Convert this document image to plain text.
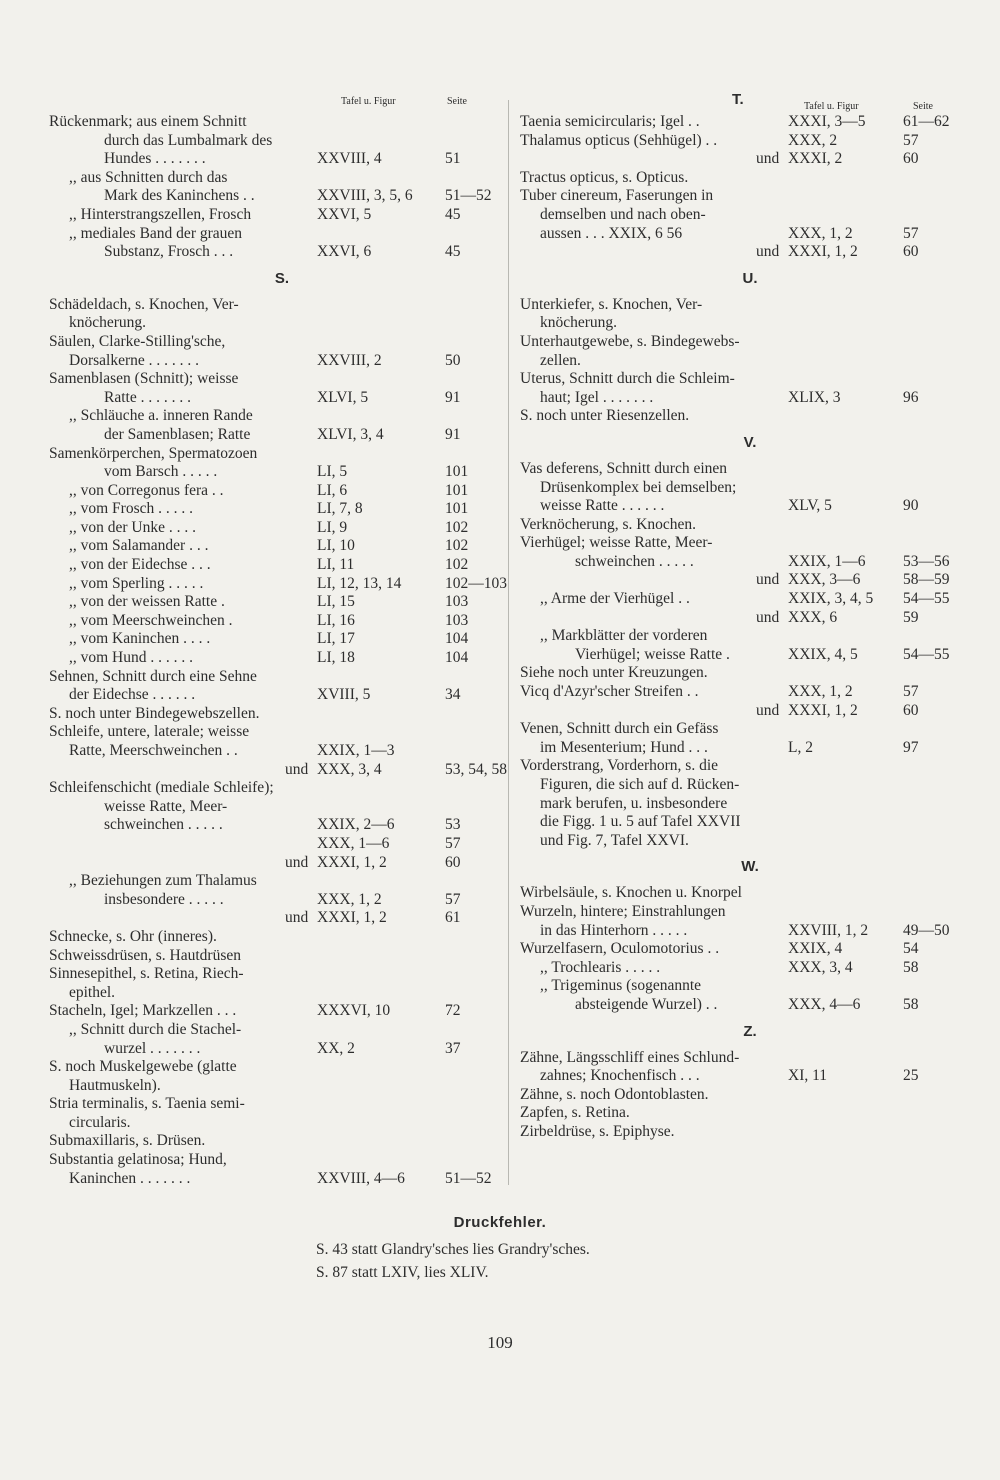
Tafel u. Figur	Seite
Rückenmark; aus einem Schnitt
durch das Lumbalmark des
Hundes . . . . . . .	XXVIII, 4	51
,, aus Schnitten durch das
Mark des Kaninchens . .	XXVIII, 3, 5, 6 51—52
,, Hinterstrangszellen, Frosch	XXVI, 5	45
,, mediales Band der grauen
Substanz, Frosch . . .	XXVI, 6	45
S.
Schädeldach, s. Knochen, Ver-
knöcherung.
Säulen, Clarke-Stilling'sche,
Dorsalkerne . . . . . . .	XXVIII, 2	50
Samenblasen (Schnitt); weisse
Ratte . . . . . . .	XLVI, 5	91
,, Schläuche a. inneren Rande
der Samenblasen; Ratte	XLVI, 3, 4	91
Samenkörperchen, Spermatozoen
vom Barsch . . . . .	LI, 5	101
,, von Corregonus fera . .	LI, 6	101
,, vom Frosch . . . . .	LI, 7, 8	101
,, von der Unke . . . .	LI, 9	102
,, vom Salamander . . .	LI, 10	102
,, von der Eidechse . . .	LI, 11	102
,, vom Sperling . . . . .	LI, 12, 13, 14	102—103
,, von der weissen Ratte .	LI, 15	103
,, vom Meerschweinchen .	LI, 16	103
,, vom Kaninchen . . . .	LI, 17	104
,, vom Hund . . . . . .	LI, 18	104
Sehnen, Schnitt durch eine Sehne
der Eidechse . . . . . .	XVIII, 5	34
S. noch unter Bindegewebszellen.
Schleife, untere, laterale; weisse
Ratte, Meerschweinchen . .	XXIX, 1—3
und XXX, 3, 4	53, 54, 58
Schleifenschicht (mediale Schleife);
weisse Ratte, Meer-
schweinchen . . . . .	XXIX, 2—6	53
XXX, 1—6	57
und XXXI, 1, 2	60
,, Beziehungen zum Thalamus
insbesondere . . . . .	XXX, 1, 2	57
und XXXI, 1, 2	61
Schnecke, s. Ohr (inneres).
Schweissdrüsen, s. Hautdrüsen
Sinnesepithel, s. Retina, Riech-
epithel.
Stacheln, Igel; Markzellen . . .	XXXVI, 10	72
,, Schnitt durch die Stachel-
wurzel . . . . . . .	XX, 2	37
S. noch Muskelgewebe (glatte
Hautmuskeln).
Stria terminalis, s. Taenia semi-
circularis.
Submaxillaris, s. Drüsen.
Substantia gelatinosa; Hund,
Kaninchen . . . . . . .	XXVIII, 4—6	51—52
T.	Tafel u. Figur	Seite
Taenia semicircularis; Igel . .	XXXI, 3—5 61—62
Thalamus opticus (Sehhügel) . .	XXX, 2	57
und XXXI, 2	60
Tractus opticus, s. Opticus.
Tuber cinereum, Faserungen in
demselben und nach oben-
aussen . . . XXIX, 6 56	XXX, 1, 2	57
und XXXI, 1, 2	60
U.
Unterkiefer, s. Knochen, Ver-
knöcherung.
Unterhautgewebe, s. Bindegewebs-
zellen.
Uterus, Schnitt durch die Schleim-
haut; Igel . . . . . . .	XLIX, 3	96
S. noch unter Riesenzellen.
V.
Vas deferens, Schnitt durch einen
Drüsenkomplex bei demselben;
weisse Ratte . . . . . .	XLV, 5	90
Verknöcherung, s. Knochen.
Vierhügel; weisse Ratte, Meer-
schweinchen . . . . .	XXIX, 1—6 53—56
und XXX, 3—6	58—59
,, Arme der Vierhügel . .	XXIX, 3, 4, 5 54—55
und XXX, 6	59
,, Markblätter der vorderen
Vierhügel; weisse Ratte .	XXIX, 4, 5	54—55
Siehe noch unter Kreuzungen.
Vicq d'Azyr'scher Streifen . .	XXX, 1, 2	57
und XXXI, 1, 2	60
Venen, Schnitt durch ein Gefäss
im Mesenterium; Hund . . .	L, 2	97
Vorderstrang, Vorderhorn, s. die
Figuren, die sich auf d. Rücken-
mark berufen, u. insbesondere
die Figg. 1 u. 5 auf Tafel XXVII
und Fig. 7, Tafel XXVI.
W.
Wirbelsäule, s. Knochen u. Knorpel
Wurzeln, hintere; Einstrahlungen
in das Hinterhorn . . . . .	XXVIII, 1, 2 49—50
Wurzelfasern, Oculomotorius . .	XXIX, 4	54
,, Trochlearis . . . . .	XXX, 3, 4	58
,, Trigeminus (sogenannte
absteigende Wurzel) . .	XXX, 4—6	58
Z.
Zähne, Längsschliff eines Schlund-
zahnes; Knochenfisch . . .	XI, 11	25
Zähne, s. noch Odontoblasten.
Zapfen, s. Retina.
Zirbeldrüse, s. Epiphyse.
Druckfehler.
S. 43 statt Glandry'sches lies Grandry'sches.
S. 87 statt LXIV, lies XLIV.
109
